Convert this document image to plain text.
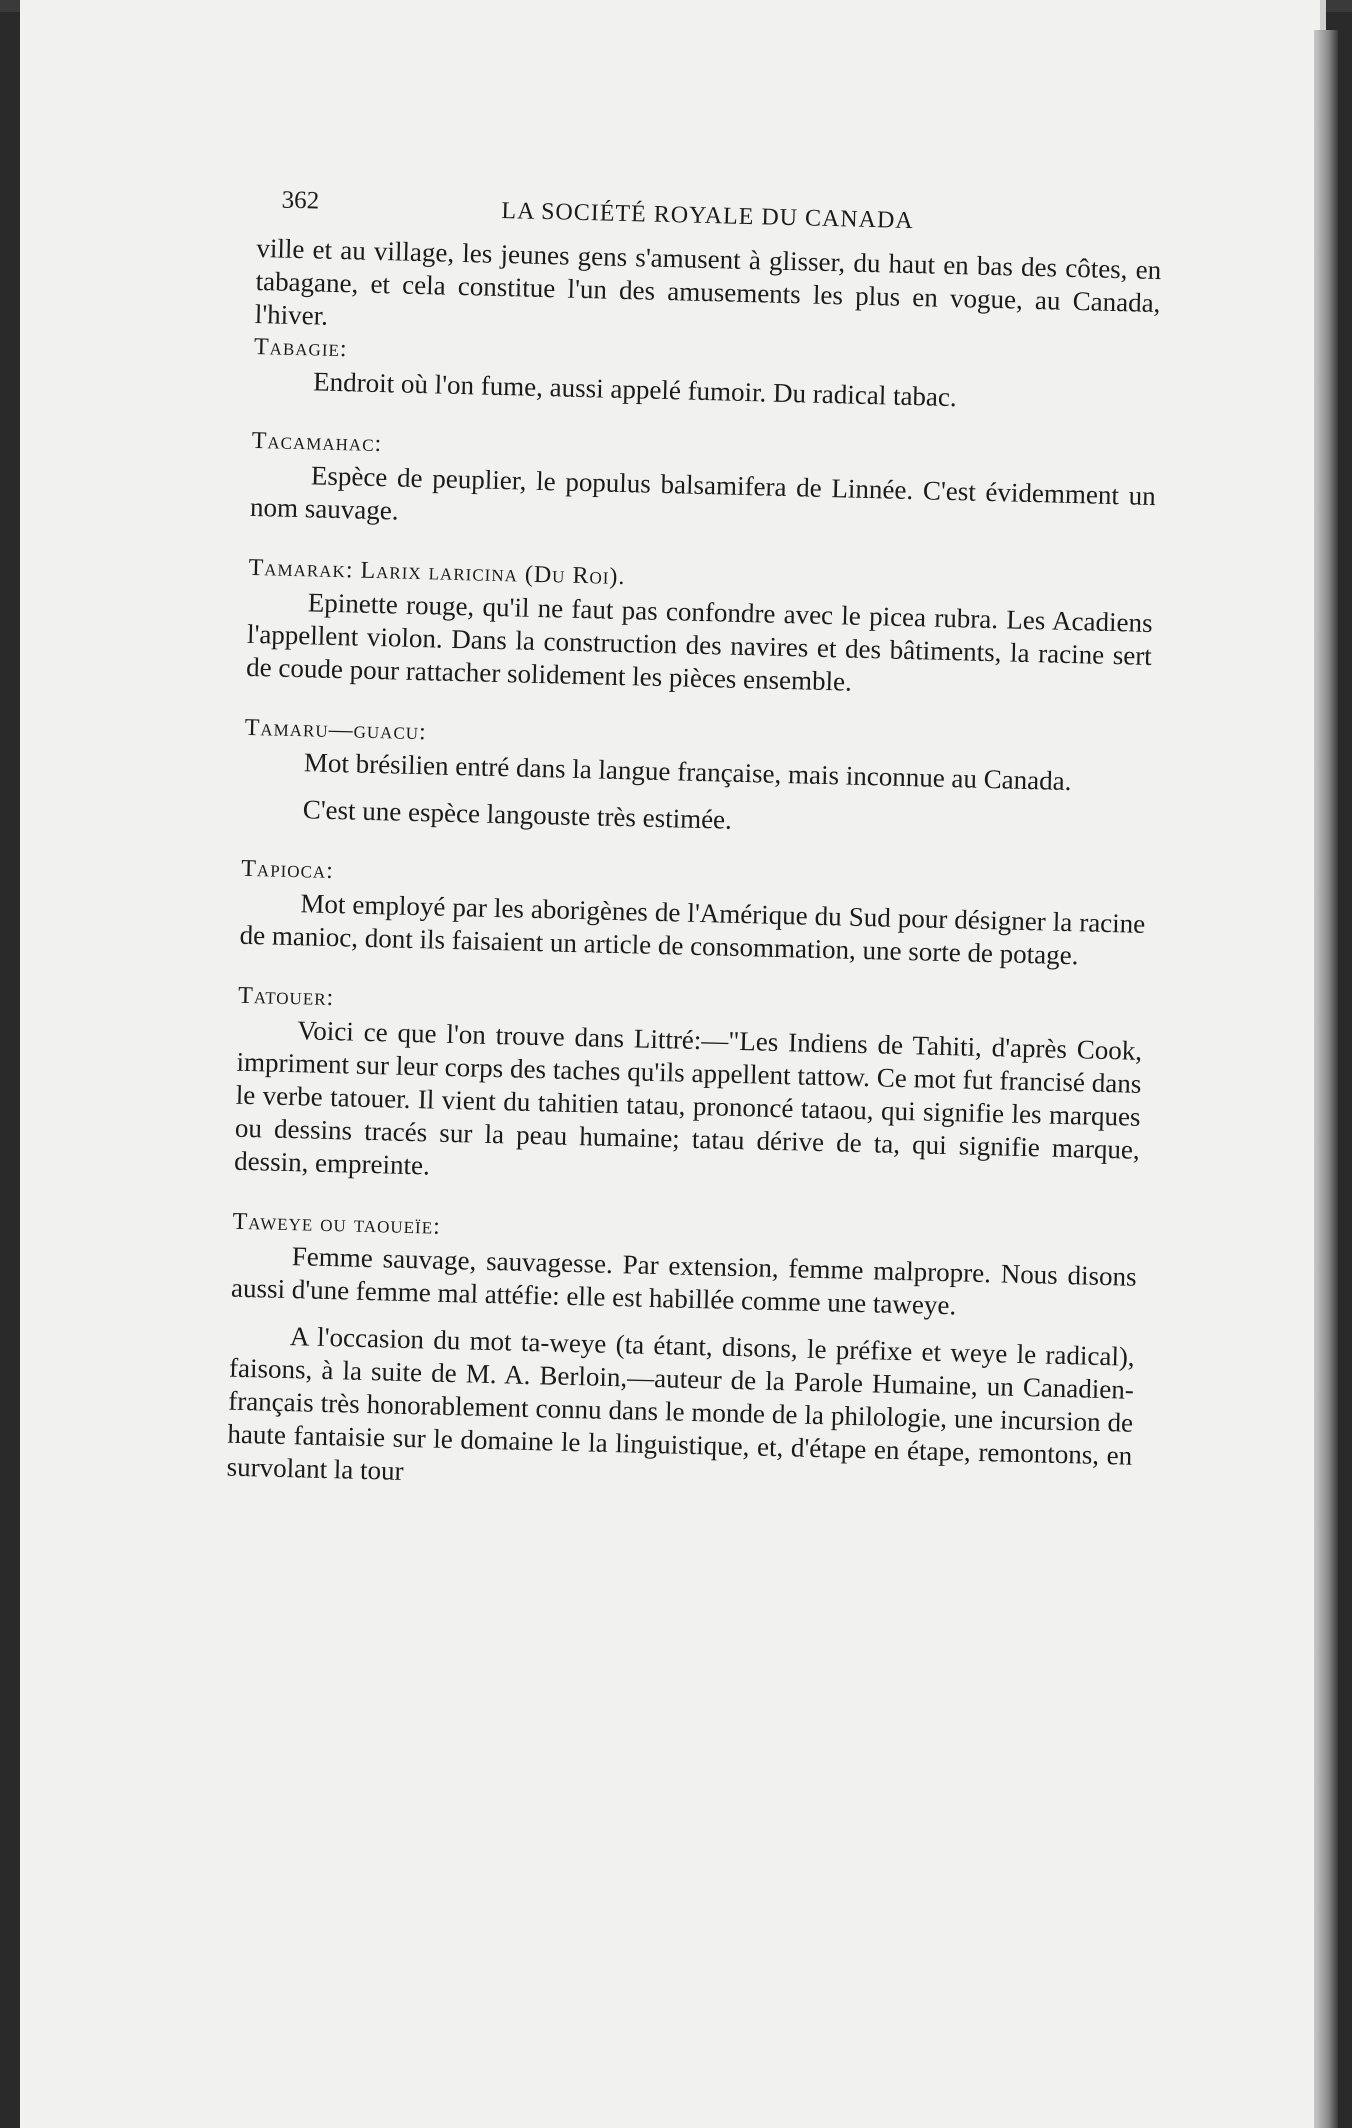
362	LA SOCIÉTÉ ROYALE DU CANADA

ville et au village, les jeunes gens s'amusent à glisser, du haut en bas des côtes, en tabagane, et cela constitue l'un des amusements les plus en vogue, au Canada, l'hiver.

Tabagie:

Endroit où l'on fume, aussi appelé fumoir. Du radical tabac.

Tacamahac:

Espèce de peuplier, le populus balsamifera de Linnée. C'est évidemment un nom sauvage.

Tamarak: Larix laricina (Du Roi).

Epinette rouge, qu'il ne faut pas confondre avec le picea rubra. Les Acadiens l'appellent violon. Dans la construction des navires et des bâtiments, la racine sert de coude pour rattacher solidement les pièces ensemble.

Tamaru—guacu:

Mot brésilien entré dans la langue française, mais inconnue au Canada.

C'est une espèce langouste très estimée.

Tapioca:

Mot employé par les aborigènes de l'Amérique du Sud pour désigner la racine de manioc, dont ils faisaient un article de consommation, une sorte de potage.

Tatouer:

Voici ce que l'on trouve dans Littré:—"Les Indiens de Tahiti, d'après Cook, impriment sur leur corps des taches qu'ils appellent tattow. Ce mot fut francisé dans le verbe tatouer. Il vient du tahitien tatau, prononcé tataou, qui signifie les marques ou dessins tracés sur la peau humaine; tatau dérive de ta, qui signifie marque, dessin, empreinte.

Taweye ou taoueïe:

Femme sauvage, sauvagesse. Par extension, femme malpropre. Nous disons aussi d'une femme mal attéfie: elle est habillée comme une taweye.

A l'occasion du mot ta-weye (ta étant, disons, le préfixe et weye le radical), faisons, à la suite de M. A. Berloin,—auteur de la Parole Humaine, un Canadien-français très honorablement connu dans le monde de la philologie, une incursion de haute fantaisie sur le domaine le la linguistique, et, d'étape en étape, remontons, en survolant la tour
